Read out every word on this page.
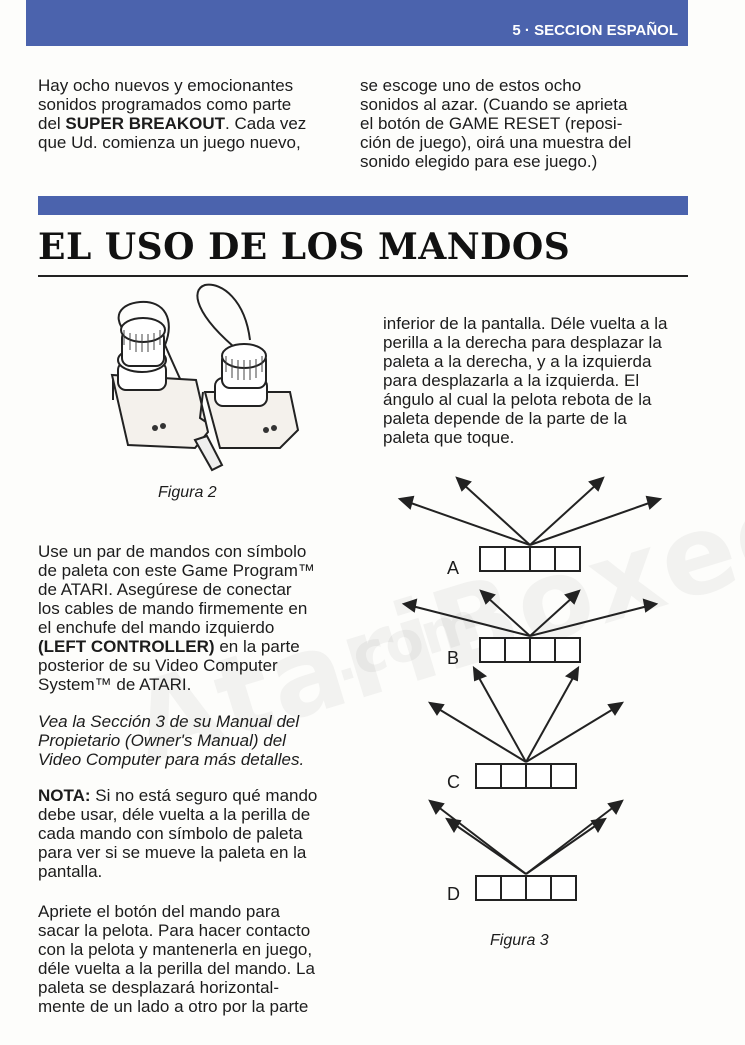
5 · SECCION ESPAÑOL
Hay ocho nuevos y emocionantes
sonidos programados como parte
del SUPER BREAKOUT. Cada vez
que Ud. comienza un juego nuevo,
se escoge uno de estos ocho
sonidos al azar. (Cuando se aprieta
el botón de GAME RESET (reposi-
ción de juego), oirá una muestra del
sonido elegido para ese juego.)
EL USO DE LOS MANDOS
Figura 2
inferior de la pantalla. Déle vuelta a la
perilla a la derecha para desplazar la
paleta a la derecha, y a la izquierda
para desplazarla a la izquierda. El
ángulo al cual la pelota rebota de la
paleta depende de la parte de la
paleta que toque.
A
B
C
D
Figura 3
Use un par de mandos con símbolo
de paleta con este Game Program™
de ATARI. Asegúrese de conectar
los cables de mando firmemente en
el enchufe del mando izquierdo
(LEFT CONTROLLER) en la parte
posterior de su Video Computer
System™ de ATARI.
Vea la Sección 3 de su Manual del
Propietario (Owner's Manual) del
Video Computer para más detalles.
NOTA: Si no está seguro qué mando
debe usar, déle vuelta a la perilla de
cada mando con símbolo de paleta
para ver si se mueve la paleta en la
pantalla.
Apriete el botón del mando para
sacar la pelota. Para hacer contacto
con la pelota y mantenerla en juego,
déle vuelta a la perilla del mando. La
paleta se desplazará horizontal-
mente de un lado a otro por la parte
